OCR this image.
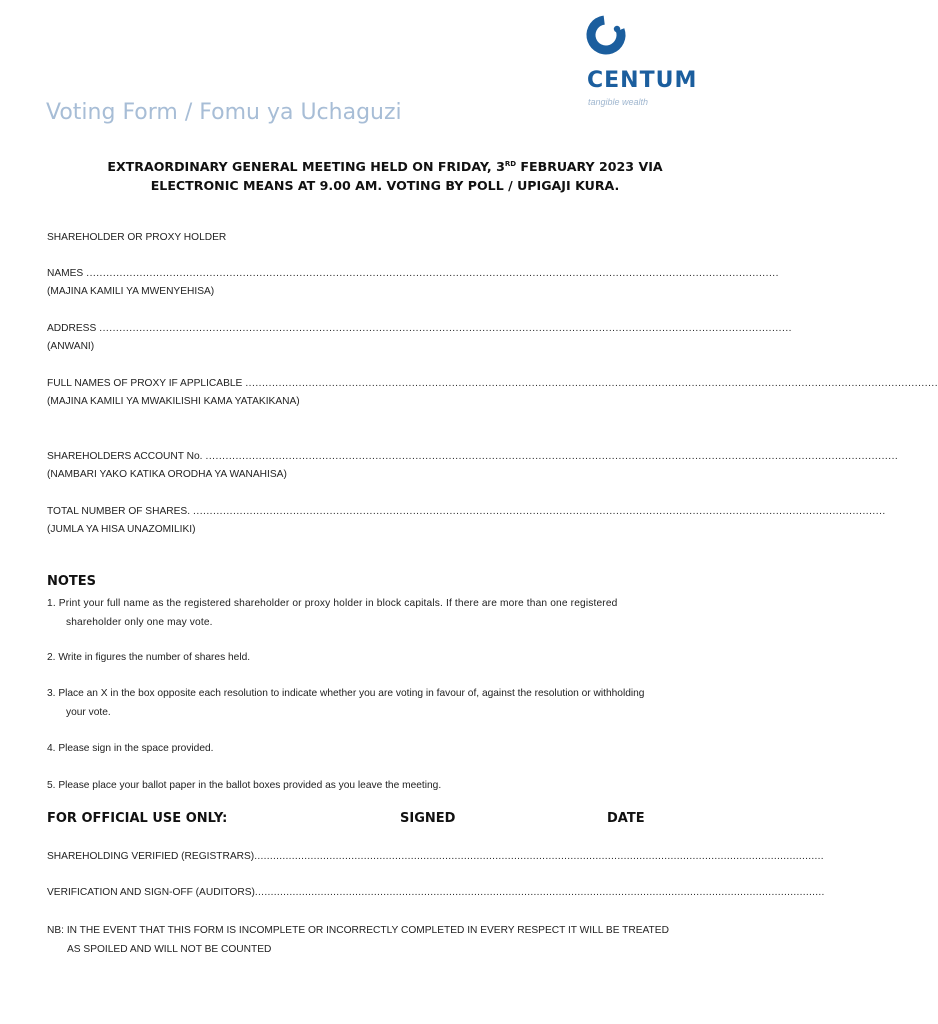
CENTUM
tangible wealth
Voting Form / Fomu ya Uchaguzi
EXTRAORDINARY GENERAL MEETING HELD ON FRIDAY, 3RD FEBRUARY 2023 VIA
ELECTRONIC MEANS AT 9.00 AM. VOTING BY POLL / UPIGAJI KURA.
SHAREHOLDER OR PROXY HOLDER
NAMES ................................................................................................................................................................................................................
(MAJINA KAMILI YA MWENYEHISA)
ADDRESS ................................................................................................................................................................................................................
(ANWANI)
FULL NAMES OF PROXY IF APPLICABLE ................................................................................................................................................................................................................
(MAJINA KAMILI YA MWAKILISHI KAMA YATAKIKANA)
SHAREHOLDERS ACCOUNT No. ................................................................................................................................................................................................................
(NAMBARI YAKO KATIKA ORODHA YA WANAHISA)
TOTAL NUMBER OF SHARES. ................................................................................................................................................................................................................
(JUMLA YA HISA UNAZOMILIKI)
NOTES
1. Print your full name as the registered shareholder or proxy holder in block capitals. If there are more than one registered
shareholder only one may vote.
2. Write in figures the number of shares held.
3. Place an X in the box opposite each resolution to indicate whether you are voting in favour of, against the resolution or withholding
your vote.
4. Please sign in the space provided.
5. Please place your ballot paper in the ballot boxes provided as you leave the meeting.
FOR OFFICIAL USE ONLY:	SIGNED	DATE
SHAREHOLDING VERIFIED (REGISTRARS) ......................................................................................................................................................................................
VERIFICATION AND SIGN-OFF (AUDITORS) ......................................................................................................................................................................................
NB: IN THE EVENT THAT THIS FORM IS INCOMPLETE OR INCORRECTLY COMPLETED IN EVERY RESPECT IT WILL BE TREATED
AS SPOILED AND WILL NOT BE COUNTED
